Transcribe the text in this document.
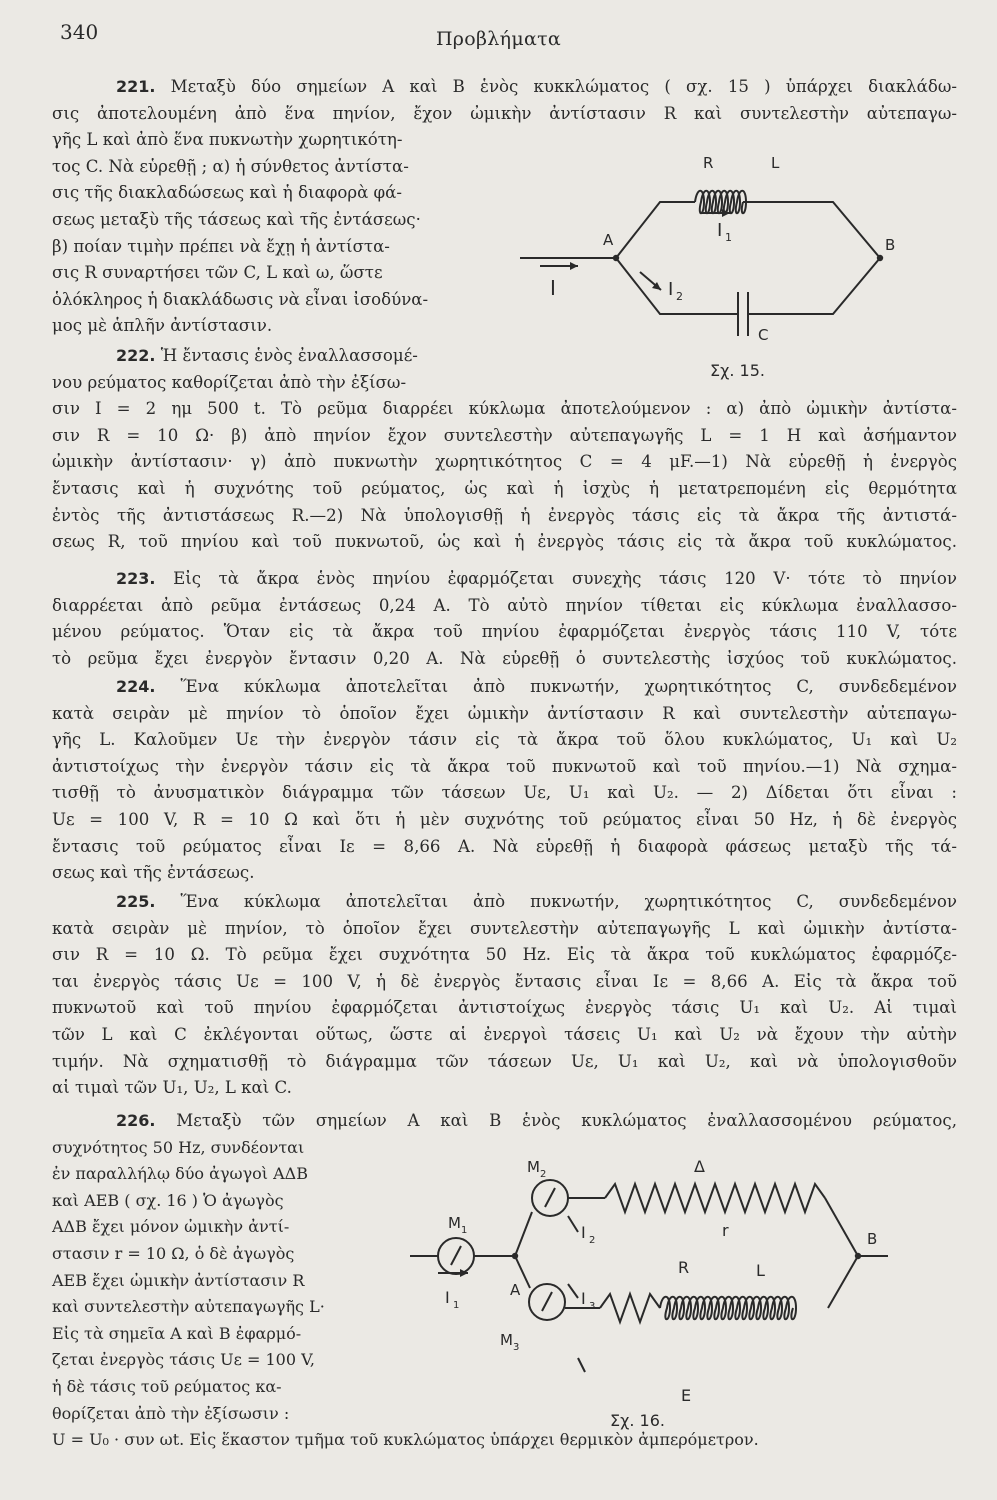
340	Προβλήματα
221. Μεταξὺ δύο σημείων A καὶ B ἑνὸς κυκκλώματος ( σχ. 15 ) ὑπάρχει διακλάδω-
σις ἀποτελουμένη ἀπὸ ἕνα πηνίον, ἔχον ὠμικὴν ἀντίστασιν R καὶ συντελεστὴν αὐτεπαγω-
γῆς L καὶ ἀπὸ ἕνα πυκνωτὴν χωρητικότη-
τος C. Νὰ εὑρεθῇ ; α) ἡ σύνθετος ἀντίστα-
σις τῆς διακλαδώσεως καὶ ἡ διαφορὰ φά-
σεως μεταξὺ τῆς τάσεως καὶ τῆς ἐντάσεως·
β) ποίαν τιμὴν πρέπει νὰ ἔχῃ ἡ ἀντίστα-
σις R συναρτήσει τῶν C, L καὶ ω, ὥστε
ὁλόκληρος ἡ διακλάδωσις νὰ εἶναι ἰσοδύνα-
μος μὲ ἁπλῆν ἀντίστασιν.
222. Ἡ ἔντασις ἑνὸς ἐναλλασσομέ-
νου ρεύματος καθορίζεται ἀπὸ τὴν ἐξίσω-
σιν I = 2 ημ 500 t. Τὸ ρεῦμα διαρρέει κύκλωμα ἀποτελούμενον : α) ἀπὸ ὠμικὴν ἀντίστα-
σιν R = 10 Ω· β) ἀπὸ πηνίον ἔχον συντελεστὴν αὐτεπαγωγῆς L = 1 H καὶ ἀσήμαντον
ὠμικὴν ἀντίστασιν· γ) ἀπὸ πυκνωτὴν χωρητικότητος C = 4 μF.—1) Νὰ εὑρεθῇ ἡ ἐνεργὸς
ἔντασις καὶ ἡ συχνότης τοῦ ρεύματος, ὡς καὶ ἡ ἰσχὺς ἡ μετατρεπομένη εἰς θερμότητα
ἐντὸς τῆς ἀντιστάσεως R.—2) Νὰ ὑπολογισθῇ ἡ ἐνεργὸς τάσις εἰς τὰ ἄκρα τῆς ἀντιστά-
σεως R, τοῦ πηνίου καὶ τοῦ πυκνωτοῦ, ὡς καὶ ἡ ἐνεργὸς τάσις εἰς τὰ ἄκρα τοῦ κυκλώματος.
223. Εἰς τὰ ἄκρα ἑνὸς πηνίου ἐφαρμόζεται συνεχὴς τάσις 120 V· τότε τὸ πηνίον
διαρρέεται ἀπὸ ρεῦμα ἐντάσεως 0,24 A. Τὸ αὐτὸ πηνίον τίθεται εἰς κύκλωμα ἐναλλασσο-
μένου ρεύματος. Ὅταν εἰς τὰ ἄκρα τοῦ πηνίου ἐφαρμόζεται ἐνεργὸς τάσις 110 V, τότε
τὸ ρεῦμα ἔχει ἐνεργὸν ἔντασιν 0,20 A. Νὰ εὑρεθῇ ὁ συντελεστὴς ἰσχύος τοῦ κυκλώματος.
224. Ἕνα κύκλωμα ἀποτελεῖται ἀπὸ πυκνωτήν, χωρητικότητος C, συνδεδεμένον
κατὰ σειρὰν μὲ πηνίον τὸ ὁποῖον ἔχει ὠμικὴν ἀντίστασιν R καὶ συντελεστὴν αὐτεπαγω-
γῆς L. Καλοῦμεν Uε τὴν ἐνεργὸν τάσιν εἰς τὰ ἄκρα τοῦ ὅλου κυκλώματος, U₁ καὶ U₂
ἀντιστοίχως τὴν ἐνεργὸν τάσιν εἰς τὰ ἄκρα τοῦ πυκνωτοῦ καὶ τοῦ πηνίου.—1) Νὰ σχημα-
τισθῇ τὸ ἀνυσματικὸν διάγραμμα τῶν τάσεων Uε, U₁ καὶ U₂. — 2) Δίδεται ὅτι εἶναι :
Uε = 100 V, R = 10 Ω καὶ ὅτι ἡ μὲν συχνότης τοῦ ρεύματος εἶναι 50 Hz, ἡ δὲ ἐνεργὸς
ἔντασις τοῦ ρεύματος εἶναι Iε = 8,66 A. Νὰ εὑρεθῇ ἡ διαφορὰ φάσεως μεταξὺ τῆς τά-
σεως καὶ τῆς ἐντάσεως.
225. Ἕνα κύκλωμα ἀποτελεῖται ἀπὸ πυκνωτήν, χωρητικότητος C, συνδεδεμένον
κατὰ σειρὰν μὲ πηνίον, τὸ ὁποῖον ἔχει συντελεστὴν αὐτεπαγωγῆς L καὶ ὠμικὴν ἀντίστα-
σιν R = 10 Ω. Τὸ ρεῦμα ἔχει συχνότητα 50 Hz. Εἰς τὰ ἄκρα τοῦ κυκλώματος ἐφαρμόζε-
ται ἐνεργὸς τάσις Uε = 100 V, ἡ δὲ ἐνεργὸς ἔντασις εἶναι Iε = 8,66 A. Εἰς τὰ ἄκρα τοῦ
πυκνωτοῦ καὶ τοῦ πηνίου ἐφαρμόζεται ἀντιστοίχως ἐνεργὸς τάσις U₁ καὶ U₂. Αἱ τιμαὶ
τῶν L καὶ C ἐκλέγονται οὕτως, ὥστε αἱ ἐνεργοὶ τάσεις U₁ καὶ U₂ νὰ ἔχουν τὴν αὐτὴν
τιμήν. Νὰ σχηματισθῇ τὸ διάγραμμα τῶν τάσεων Uε, U₁ καὶ U₂, καὶ νὰ ὑπολογισθοῦν
αἱ τιμαὶ τῶν U₁, U₂, L καὶ C.
226. Μεταξὺ τῶν σημείων A καὶ B ἑνὸς κυκλώματος ἐναλλασσομένου ρεύματος,
συχνότητος 50 Hz, συνδέονται
ἐν παραλλήλῳ δύο ἀγωγοὶ AΔB
καὶ AEB ( σχ. 16 ) Ὁ ἀγωγὸς
AΔB ἔχει μόνον ὠμικὴν ἀντί-
στασιν r = 10 Ω, ὁ δὲ ἀγωγὸς
AEB ἔχει ὠμικὴν ἀντίστασιν R
καὶ συντελεστὴν αὐτεπαγωγῆς L·
Εἰς τὰ σημεῖα A καὶ B ἐφαρμό-
ζεται ἐνεργὸς τάσις Uε = 100 V,
ἡ δὲ τάσις τοῦ ρεύματος κα-
θορίζεται ἀπὸ τὴν ἐξίσωσιν :
U = U₀ · συν ωt. Εἰς ἕκαστον τμῆμα τοῦ κυκλώματος ὑπάρχει θερμικὸν ἀμπερόμετρον.
R	L
A	B
I
I 1
I 2
C
Σχ. 15.
M 1
M 2
M 3
A
B
Δ
E
r
R	L
I 1
I 2
I 3
Σχ. 16.
